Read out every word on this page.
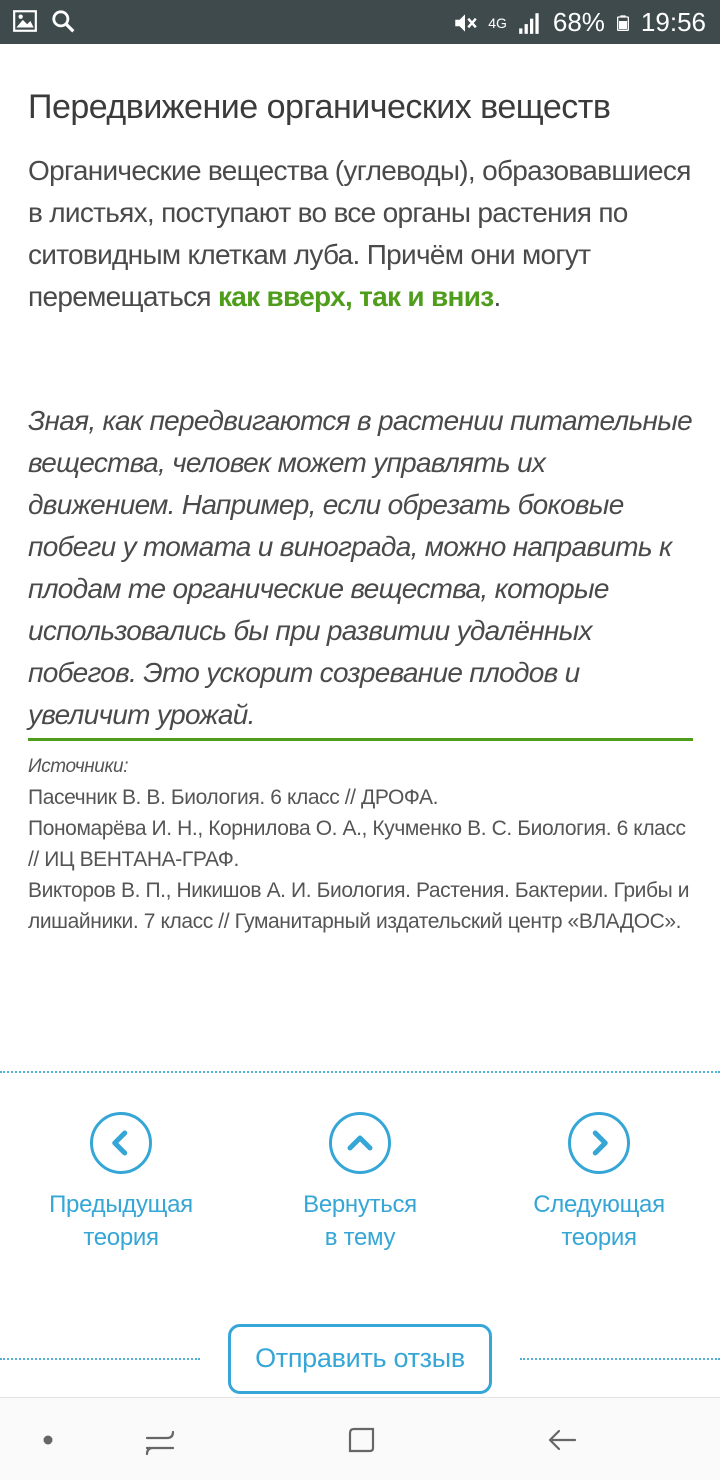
4G 68% 19:56
Передвижение органических веществ

Органические вещества (углеводы), образовавшиеся в листьях, поступают во все органы растения по ситовидным клеткам луба. Причём они могут перемещаться как вверх, так и вниз.

Зная, как передвигаются в растении питательные вещества, человек может управлять их движением. Например, если обрезать боковые побеги у томата и винограда, можно направить к плодам те органические вещества, которые использовались бы при развитии удалённых побегов. Это ускорит созревание плодов и увеличит урожай.

Источники:
Пасечник В. В. Биология. 6 класс // ДРОФА.
Пономарёва И. Н., Корнилова О. А., Кучменко В. С. Биология. 6 класс // ИЦ ВЕНТАНА-ГРАФ.
Викторов В. П., Никишов А. И. Биология. Растения. Бактерии. Грибы и лишайники. 7 класс // Гуманитарный издательский центр «ВЛАДОС».
Предыдущая
теория
Вернуться
в тему
Следующая
теория
Отправить отзыв
